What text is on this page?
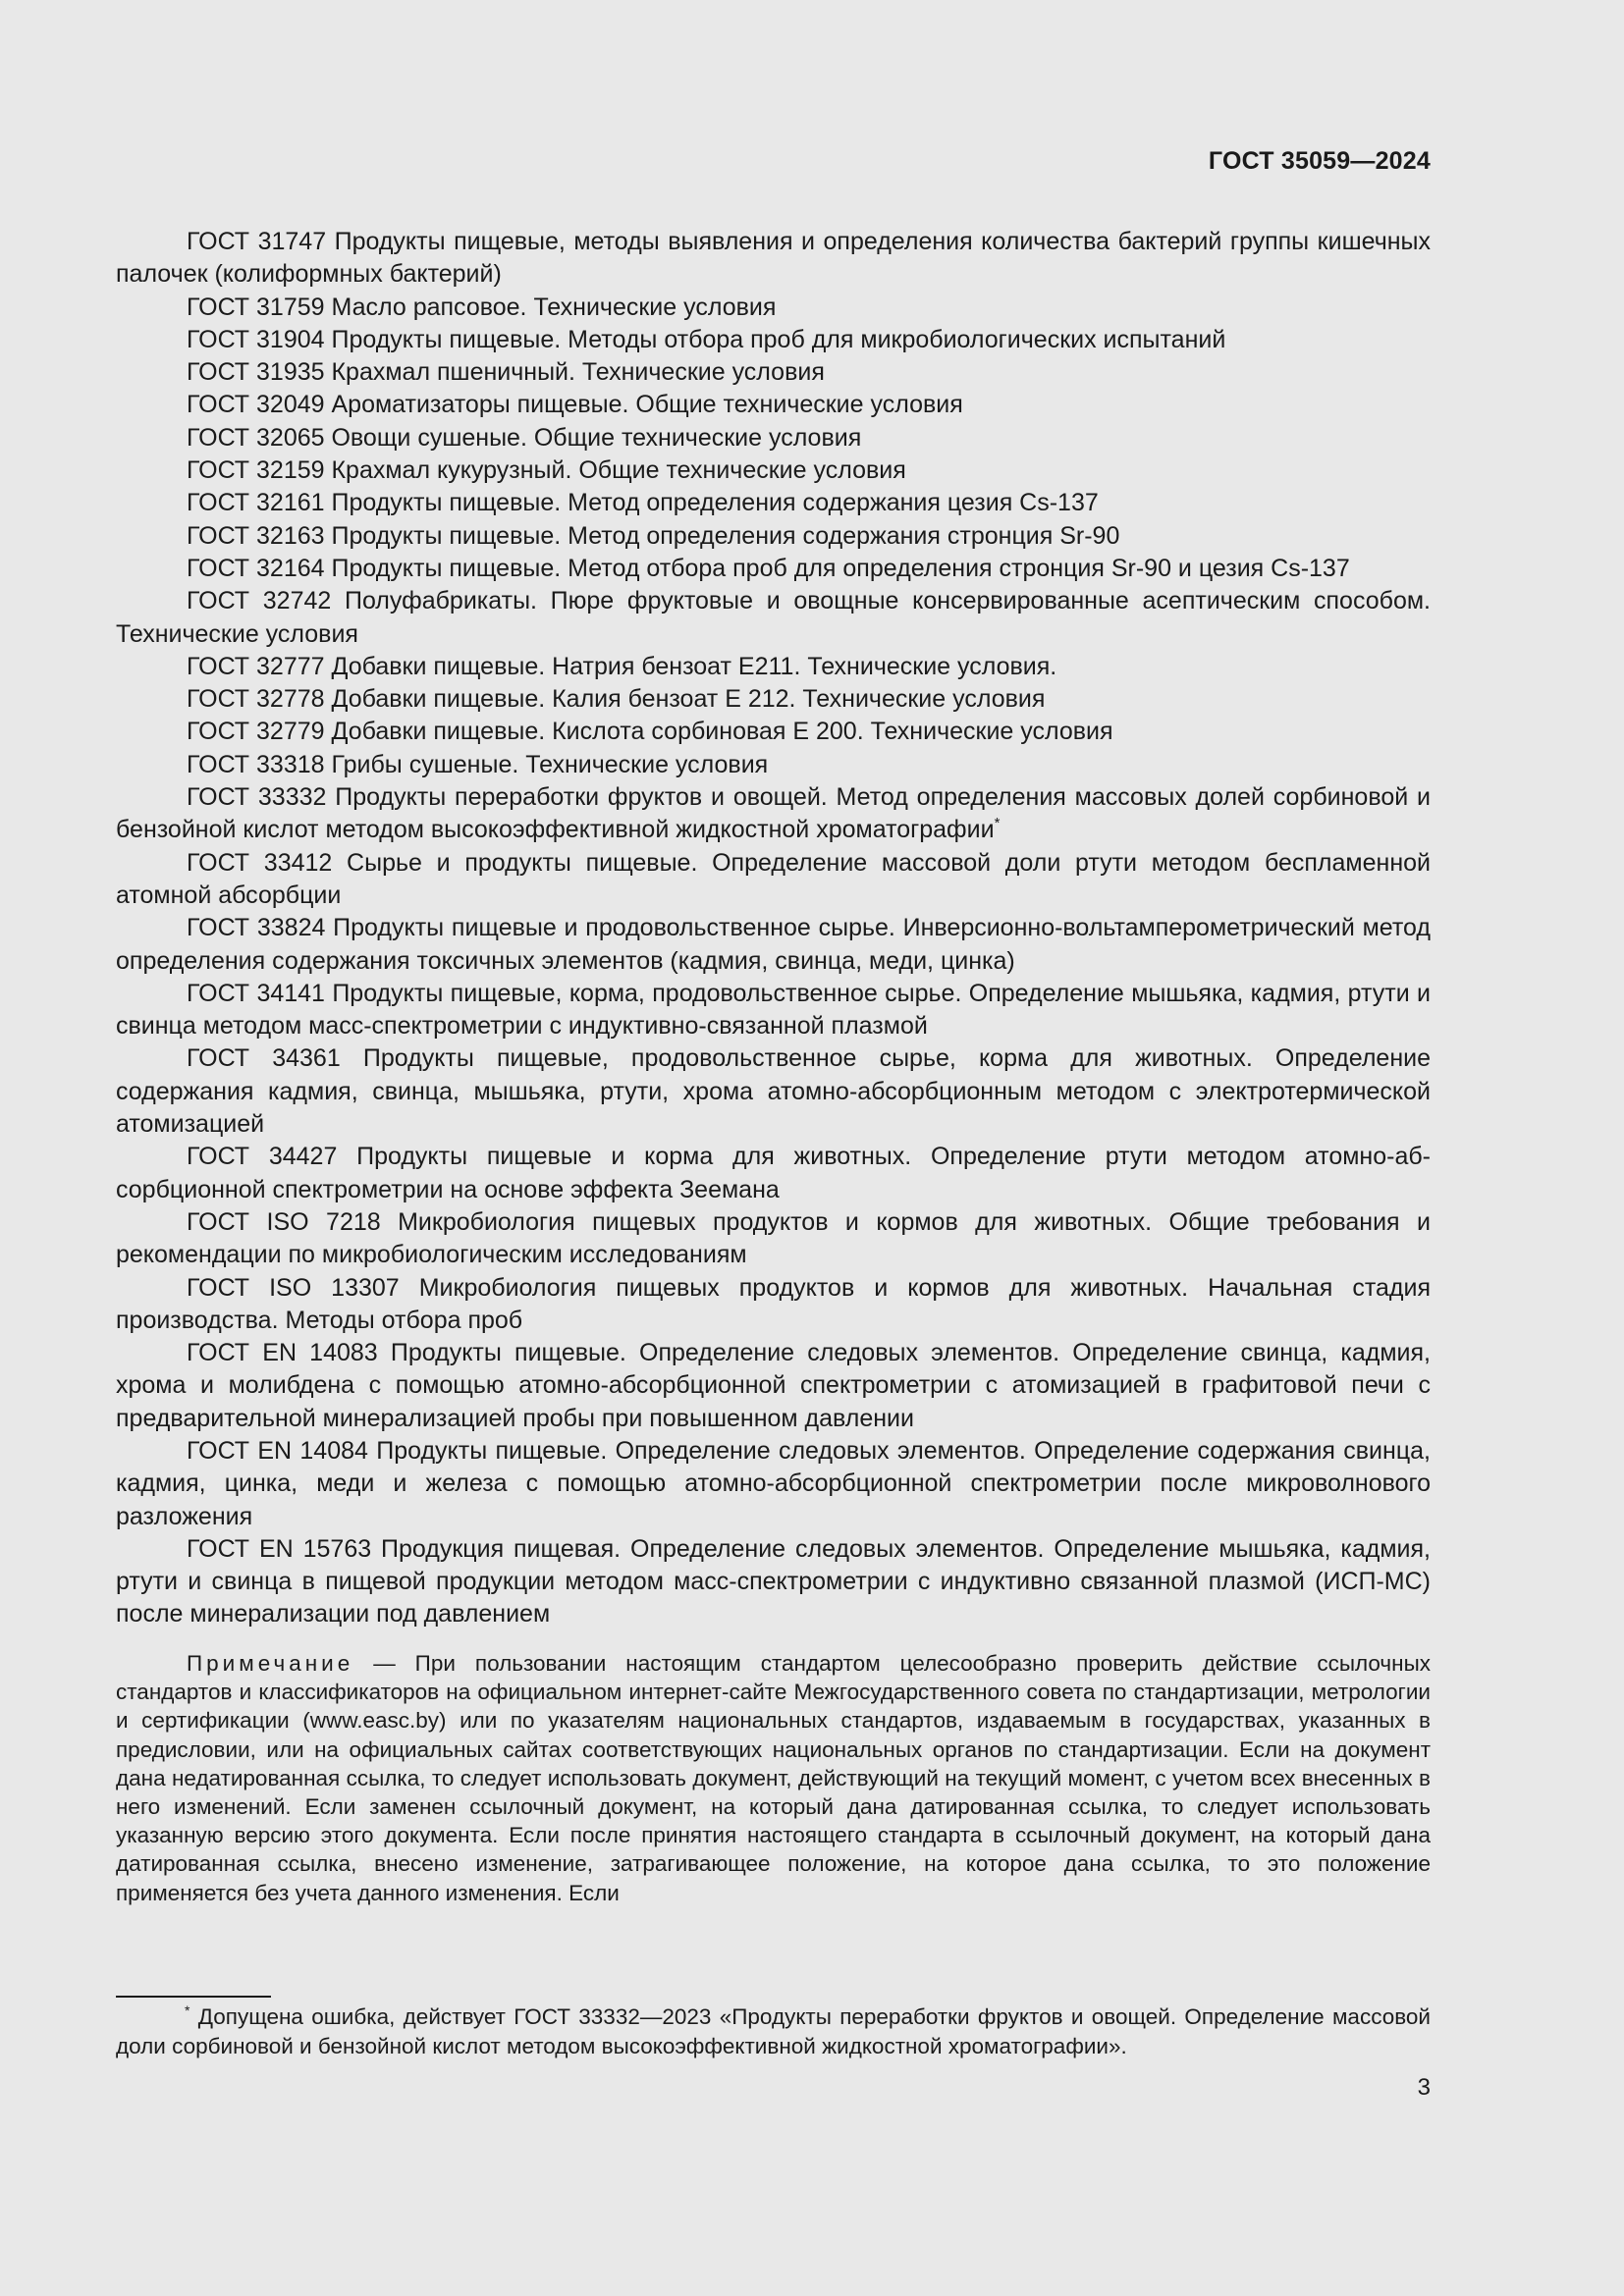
ГОСТ 35059—2024

ГОСТ 31747 Продукты пищевые, методы выявления и определения количества бактерий группы кишечных палочек (колиформных бактерий)

ГОСТ 31759 Масло рапсовое. Технические условия

ГОСТ 31904 Продукты пищевые. Методы отбора проб для микробиологических испытаний

ГОСТ 31935 Крахмал пшеничный. Технические условия

ГОСТ 32049 Ароматизаторы пищевые. Общие технические условия

ГОСТ 32065 Овощи сушеные. Общие технические условия

ГОСТ 32159 Крахмал кукурузный. Общие технические условия

ГОСТ 32161 Продукты пищевые. Метод определения содержания цезия Cs-137

ГОСТ 32163 Продукты пищевые. Метод определения содержания стронция Sr-90

ГОСТ 32164 Продукты пищевые. Метод отбора проб для определения стронция Sr-90 и цезия Cs-137

ГОСТ 32742 Полуфабрикаты. Пюре фруктовые и овощные консервированные асептическим способом. Технические условия

ГОСТ 32777 Добавки пищевые. Натрия бензоат Е211. Технические условия.

ГОСТ 32778 Добавки пищевые. Калия бензоат Е 212. Технические условия

ГОСТ 32779 Добавки пищевые. Кислота сорбиновая Е 200. Технические условия

ГОСТ 33318 Грибы сушеные. Технические условия

ГОСТ 33332 Продукты переработки фруктов и овощей. Метод определения массовых долей сорбиновой и бензойной кислот методом высокоэффективной жидкостной хроматографии*

ГОСТ 33412 Сырье и продукты пищевые. Определение массовой доли ртути методом беспламенной атомной абсорбции

ГОСТ 33824 Продукты пищевые и продовольственное сырье. Инверсионно-вольтамперометрический метод определения содержания токсичных элементов (кадмия, свинца, меди, цинка)

ГОСТ 34141 Продукты пищевые, корма, продовольственное сырье. Определение мышьяка, кадмия, ртути и свинца методом масс-спектрометрии с индуктивно-связанной плазмой

ГОСТ 34361 Продукты пищевые, продовольственное сырье, корма для животных. Определение содержания кадмия, свинца, мышьяка, ртути, хрома атомно-абсорбционным методом с электротермической атомизацией

ГОСТ 34427 Продукты пищевые и корма для животных. Определение ртути методом атомно-абсорбционной спектрометрии на основе эффекта Зеемана

ГОСТ ISO 7218 Микробиология пищевых продуктов и кормов для животных. Общие требования и рекомендации по микробиологическим исследованиям

ГОСТ ISO 13307 Микробиология пищевых продуктов и кормов для животных. Начальная стадия производства. Методы отбора проб

ГОСТ EN 14083 Продукты пищевые. Определение следовых элементов. Определение свинца, кадмия, хрома и молибдена с помощью атомно-абсорбционной спектрометрии с атомизацией в графитовой печи с предварительной минерализацией пробы при повышенном давлении

ГОСТ EN 14084 Продукты пищевые. Определение следовых элементов. Определение содержания свинца, кадмия, цинка, меди и железа с помощью атомно-абсорбционной спектрометрии после микроволнового разложения

ГОСТ EN 15763 Продукция пищевая. Определение следовых элементов. Определение мышьяка, кадмия, ртути и свинца в пищевой продукции методом масс-спектрометрии с индуктивно связанной плазмой (ИСП-МС) после минерализации под давлением

Примечание — При пользовании настоящим стандартом целесообразно проверить действие ссылочных стандартов и классификаторов на официальном интернет-сайте Межгосударственного совета по стандартизации, метрологии и сертификации (www.easc.by) или по указателям национальных стандартов, издаваемым в государствах, указанных в предисловии, или на официальных сайтах соответствующих национальных органов по стандартизации. Если на документ дана недатированная ссылка, то следует использовать документ, действующий на текущий момент, с учетом всех внесенных в него изменений. Если заменен ссылочный документ, на который дана датированная ссылка, то следует использовать указанную версию этого документа. Если после принятия настоящего стандарта в ссылочный документ, на который дана датированная ссылка, внесено изменение, затрагивающее положение, на которое дана ссылка, то это положение применяется без учета данного изменения. Если

* Допущена ошибка, действует ГОСТ 33332—2023 «Продукты переработки фруктов и овощей. Определение массовой доли сорбиновой и бензойной кислот методом высокоэффективной жидкостной хроматографии».

3
